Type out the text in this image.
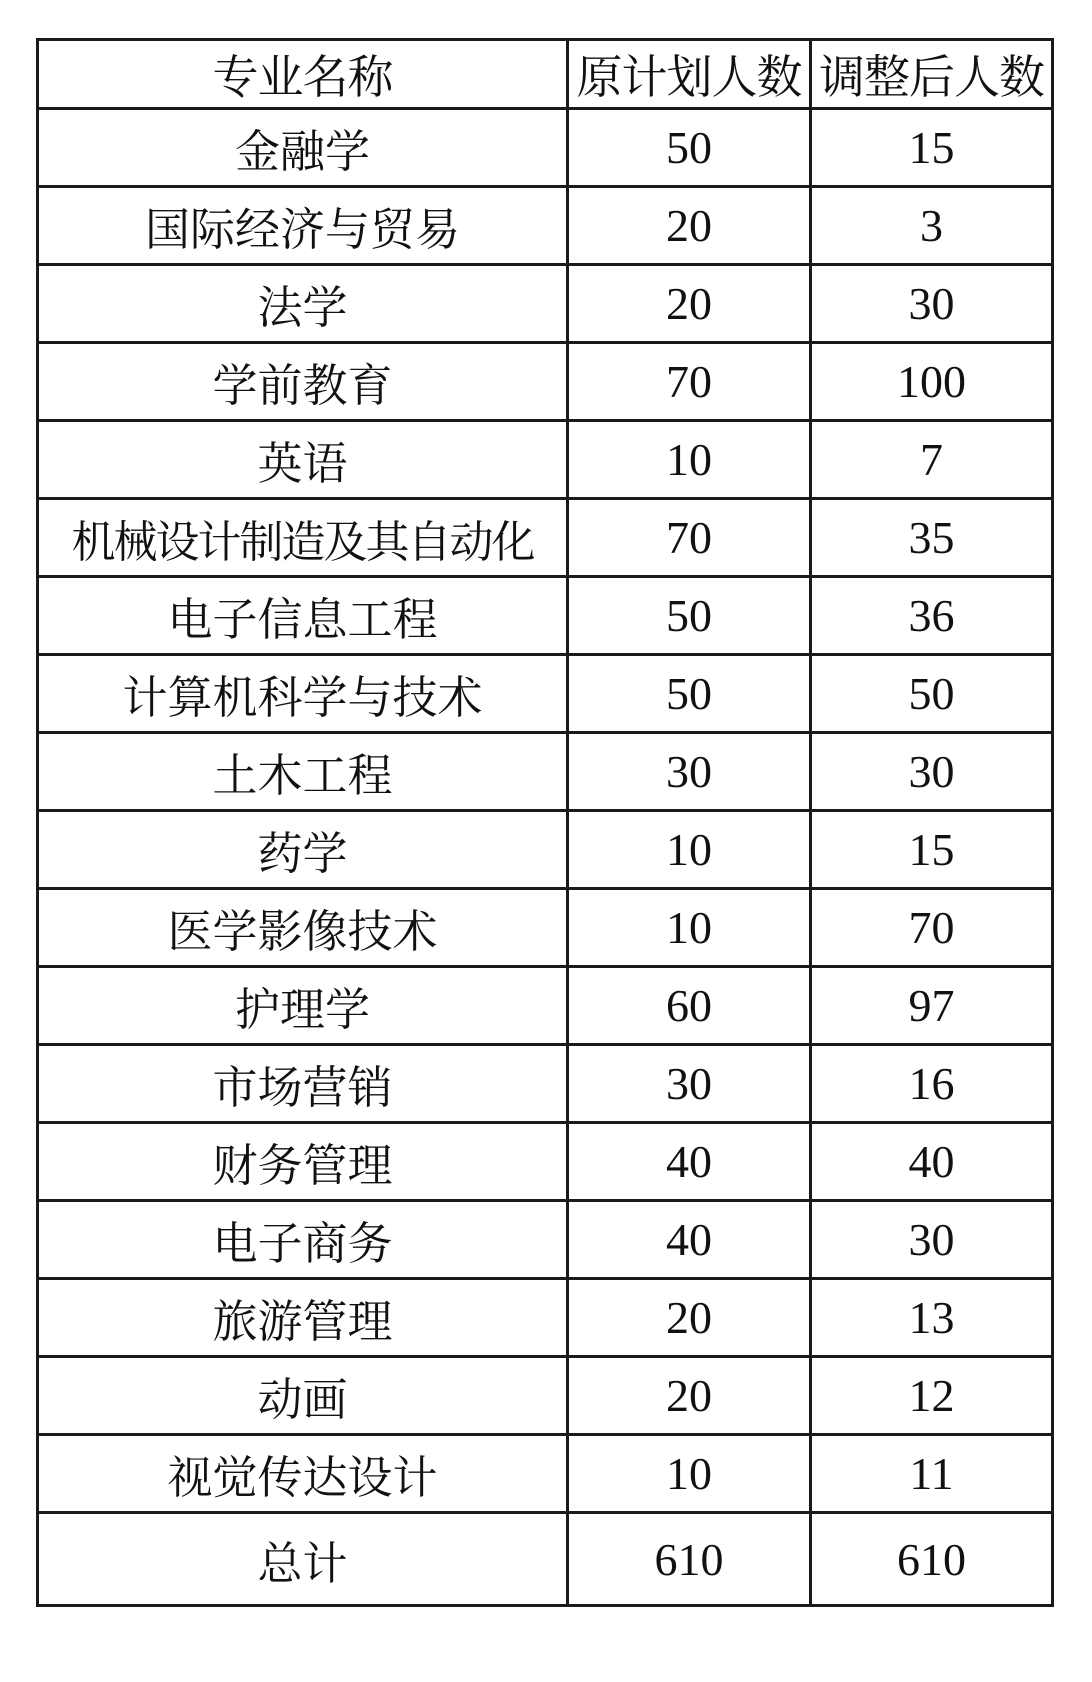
专业名称	原计划人数	调整后人数
金融学	50	15
国际经济与贸易	20	3
法学	20	30
学前教育	70	100
英语	10	7
机械设计制造及其自动化	70	35
电子信息工程	50	36
计算机科学与技术	50	50
土木工程	30	30
药学	10	15
医学影像技术	10	70
护理学	60	97
市场营销	30	16
财务管理	40	40
电子商务	40	30
旅游管理	20	13
动画	20	12
视觉传达设计	10	11
总计	610	610
